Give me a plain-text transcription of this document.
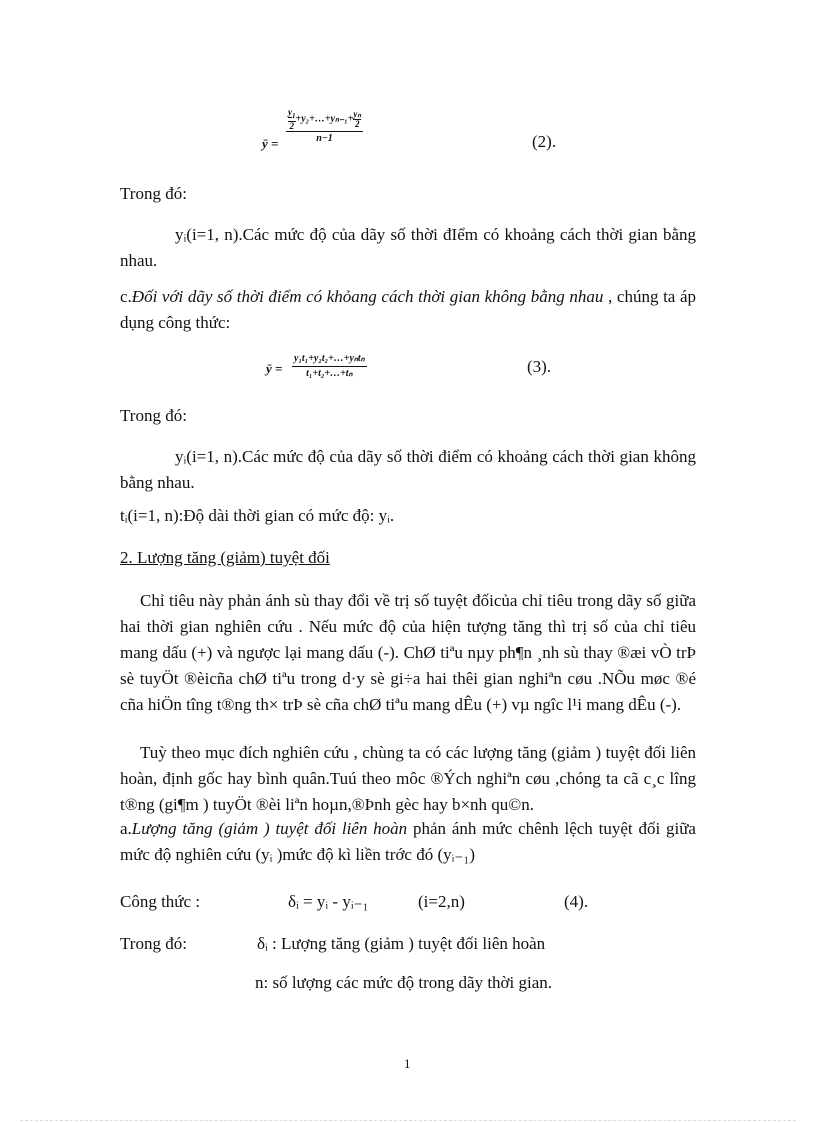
ȳ = $\frac{\frac{y_1}{2} +y_2+\dots+y_{n-1}+ \frac{\text{yₙ}}{2}}{n-1}$	(2).
Trong đó:
yᵢ(i=1, n).Các mức độ của dãy số thời đIểm có khoảng cách thời gian bằng nhau.
c.Đối với dãy số thời điểm có khỏang cách thời gian không bằng nhau , chúng ta áp dụng công thức:
ȳ =
y₁t₁+y₂t₂+…+yₙtₙ
t₁+t₂+…+tₙ	(3).
Trong đó:
yᵢ(i=1, n).Các mức độ của dãy số thời điểm có khoảng cách thời gian không bằng nhau.
tᵢ(i=1, n):Độ dài thời gian có mức độ: yᵢ.
2. Lượng tăng (giảm) tuyệt đối
Chỉ tiêu này phản ánh sù thay đổi về trị số tuyệt đốicủa chỉ tiêu trong dãy số giữa hai thời gian nghiên cứu . Nếu mức độ của hiện tượng tăng thì trị số của chỉ tiêu mang dấu (+) và ngược lại mang dấu (-). ChØ tiªu nµy ph¶n ¸nh sù thay ®æi vÒ trÞ sè tuyÖt ®èicña chØ tiªu trong d·y sè gi÷a hai thêi gian nghiªn cøu .NÕu møc ®é cña hiÖn tîng t®ng th× trÞ sè cña chØ tiªu mang dÊu (+) vµ ngîc l¹i mang dÊu (-).
Tuỳ theo mục đích nghiên cứu , chùng ta có các lượng tăng (giảm ) tuyệt đối liên hoàn, định gốc hay bình quân.Tuú theo môc ®Ých nghiªn cøu ,chóng ta cã c¸c lîng t®ng (gi¶m ) tuyÖt ®èi liªn hoµn,®Þnh gèc hay b×nh qu©n.
a.Lượng tăng (giảm ) tuyệt đối liên hoàn phản ánh mức chênh lệch tuyệt đối giữa mức độ nghiên cứu (yᵢ )mức độ kì liền trớc đó (yᵢ₋₁)
Công thức :	δᵢ = yᵢ - yᵢ₋₁	(i=2,n)	(4).
Trong đó:	δᵢ : Lượng tăng (giảm ) tuyệt đối liên hoàn
n: số lượng các mức độ trong dãy thời gian.
1
